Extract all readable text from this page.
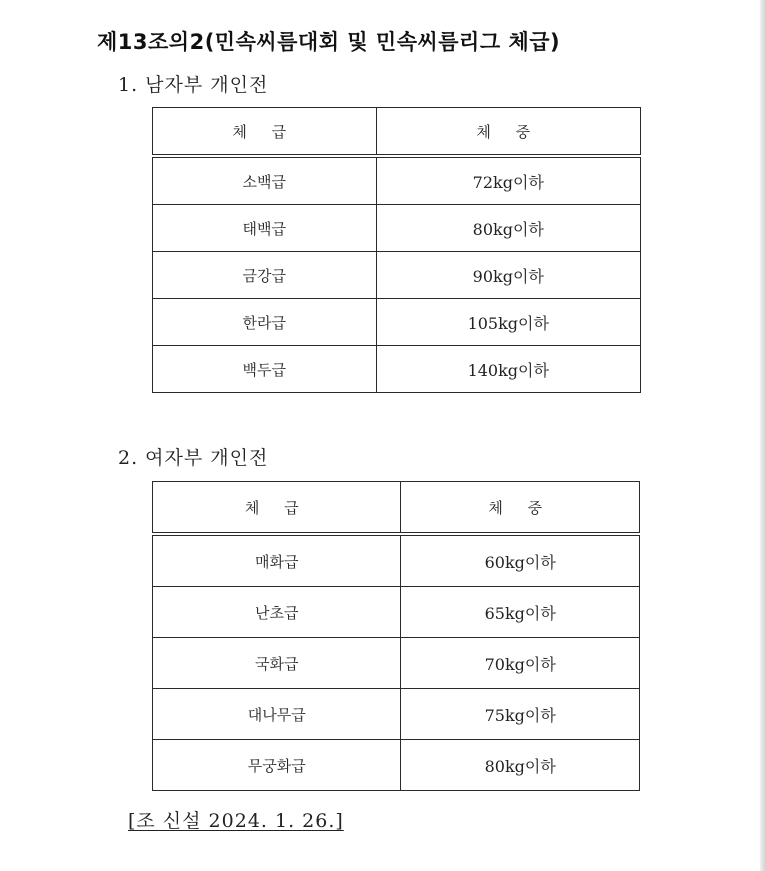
제13조의2(민속씨름대회 및 민속씨름리그 체급)
1. 남자부 개인전
체 급	체 중
소백급	72kg이하
태백급	80kg이하
금강급	90kg이하
한라급	105kg이하
백두급	140kg이하
2. 여자부 개인전
체 급	체 중
매화급	60kg이하
난초급	65kg이하
국화급	70kg이하
대나무급	75kg이하
무궁화급	80kg이하
[조 신설 2024. 1. 26.]
